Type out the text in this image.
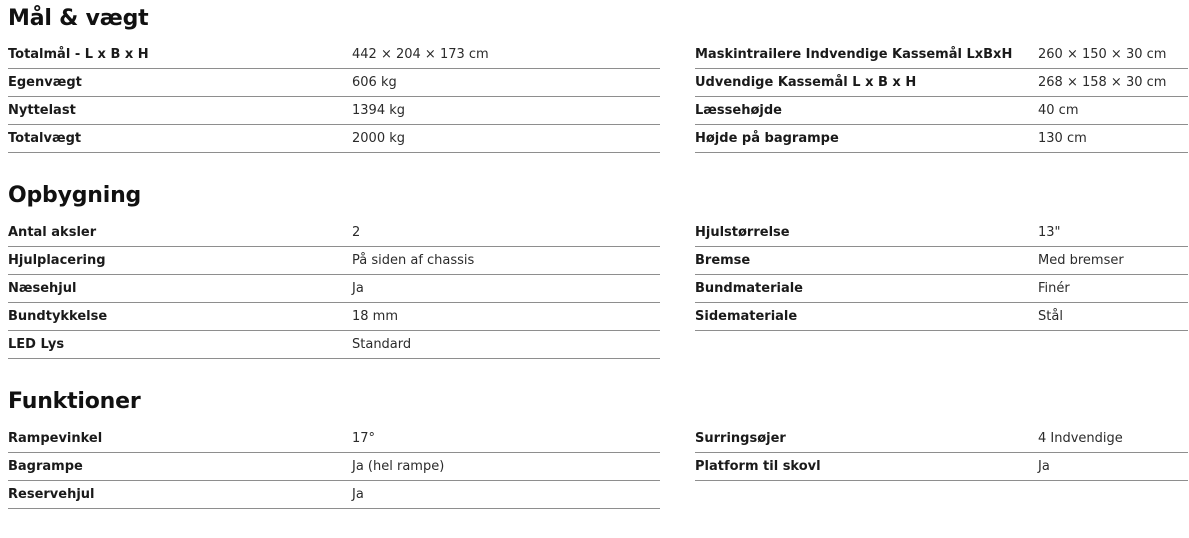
Mål & vægt
Totalmål - L x B x H	442 × 204 × 173 cm
Egenvægt	606 kg
Nyttelast	1394 kg
Totalvægt	2000 kg
Maskintrailere Indvendige Kassemål LxBxH 260 × 150 × 30 cm
Udvendige Kassemål L x B x H	268 × 158 × 30 cm
Læssehøjde	40 cm
Højde på bagrampe	130 cm
Opbygning
Antal aksler	2
Hjulplacering	På siden af chassis
Næsehjul	Ja
Bundtykkelse	18 mm
LED Lys	Standard
Hjulstørrelse	13"
Bremse	Med bremser
Bundmateriale	Finér
Sidemateriale	Stål
Funktioner
Rampevinkel	17°
Bagrampe	Ja (hel rampe)
Reservehjul	Ja
Surringsøjer	4 Indvendige
Platform til skovl	Ja
